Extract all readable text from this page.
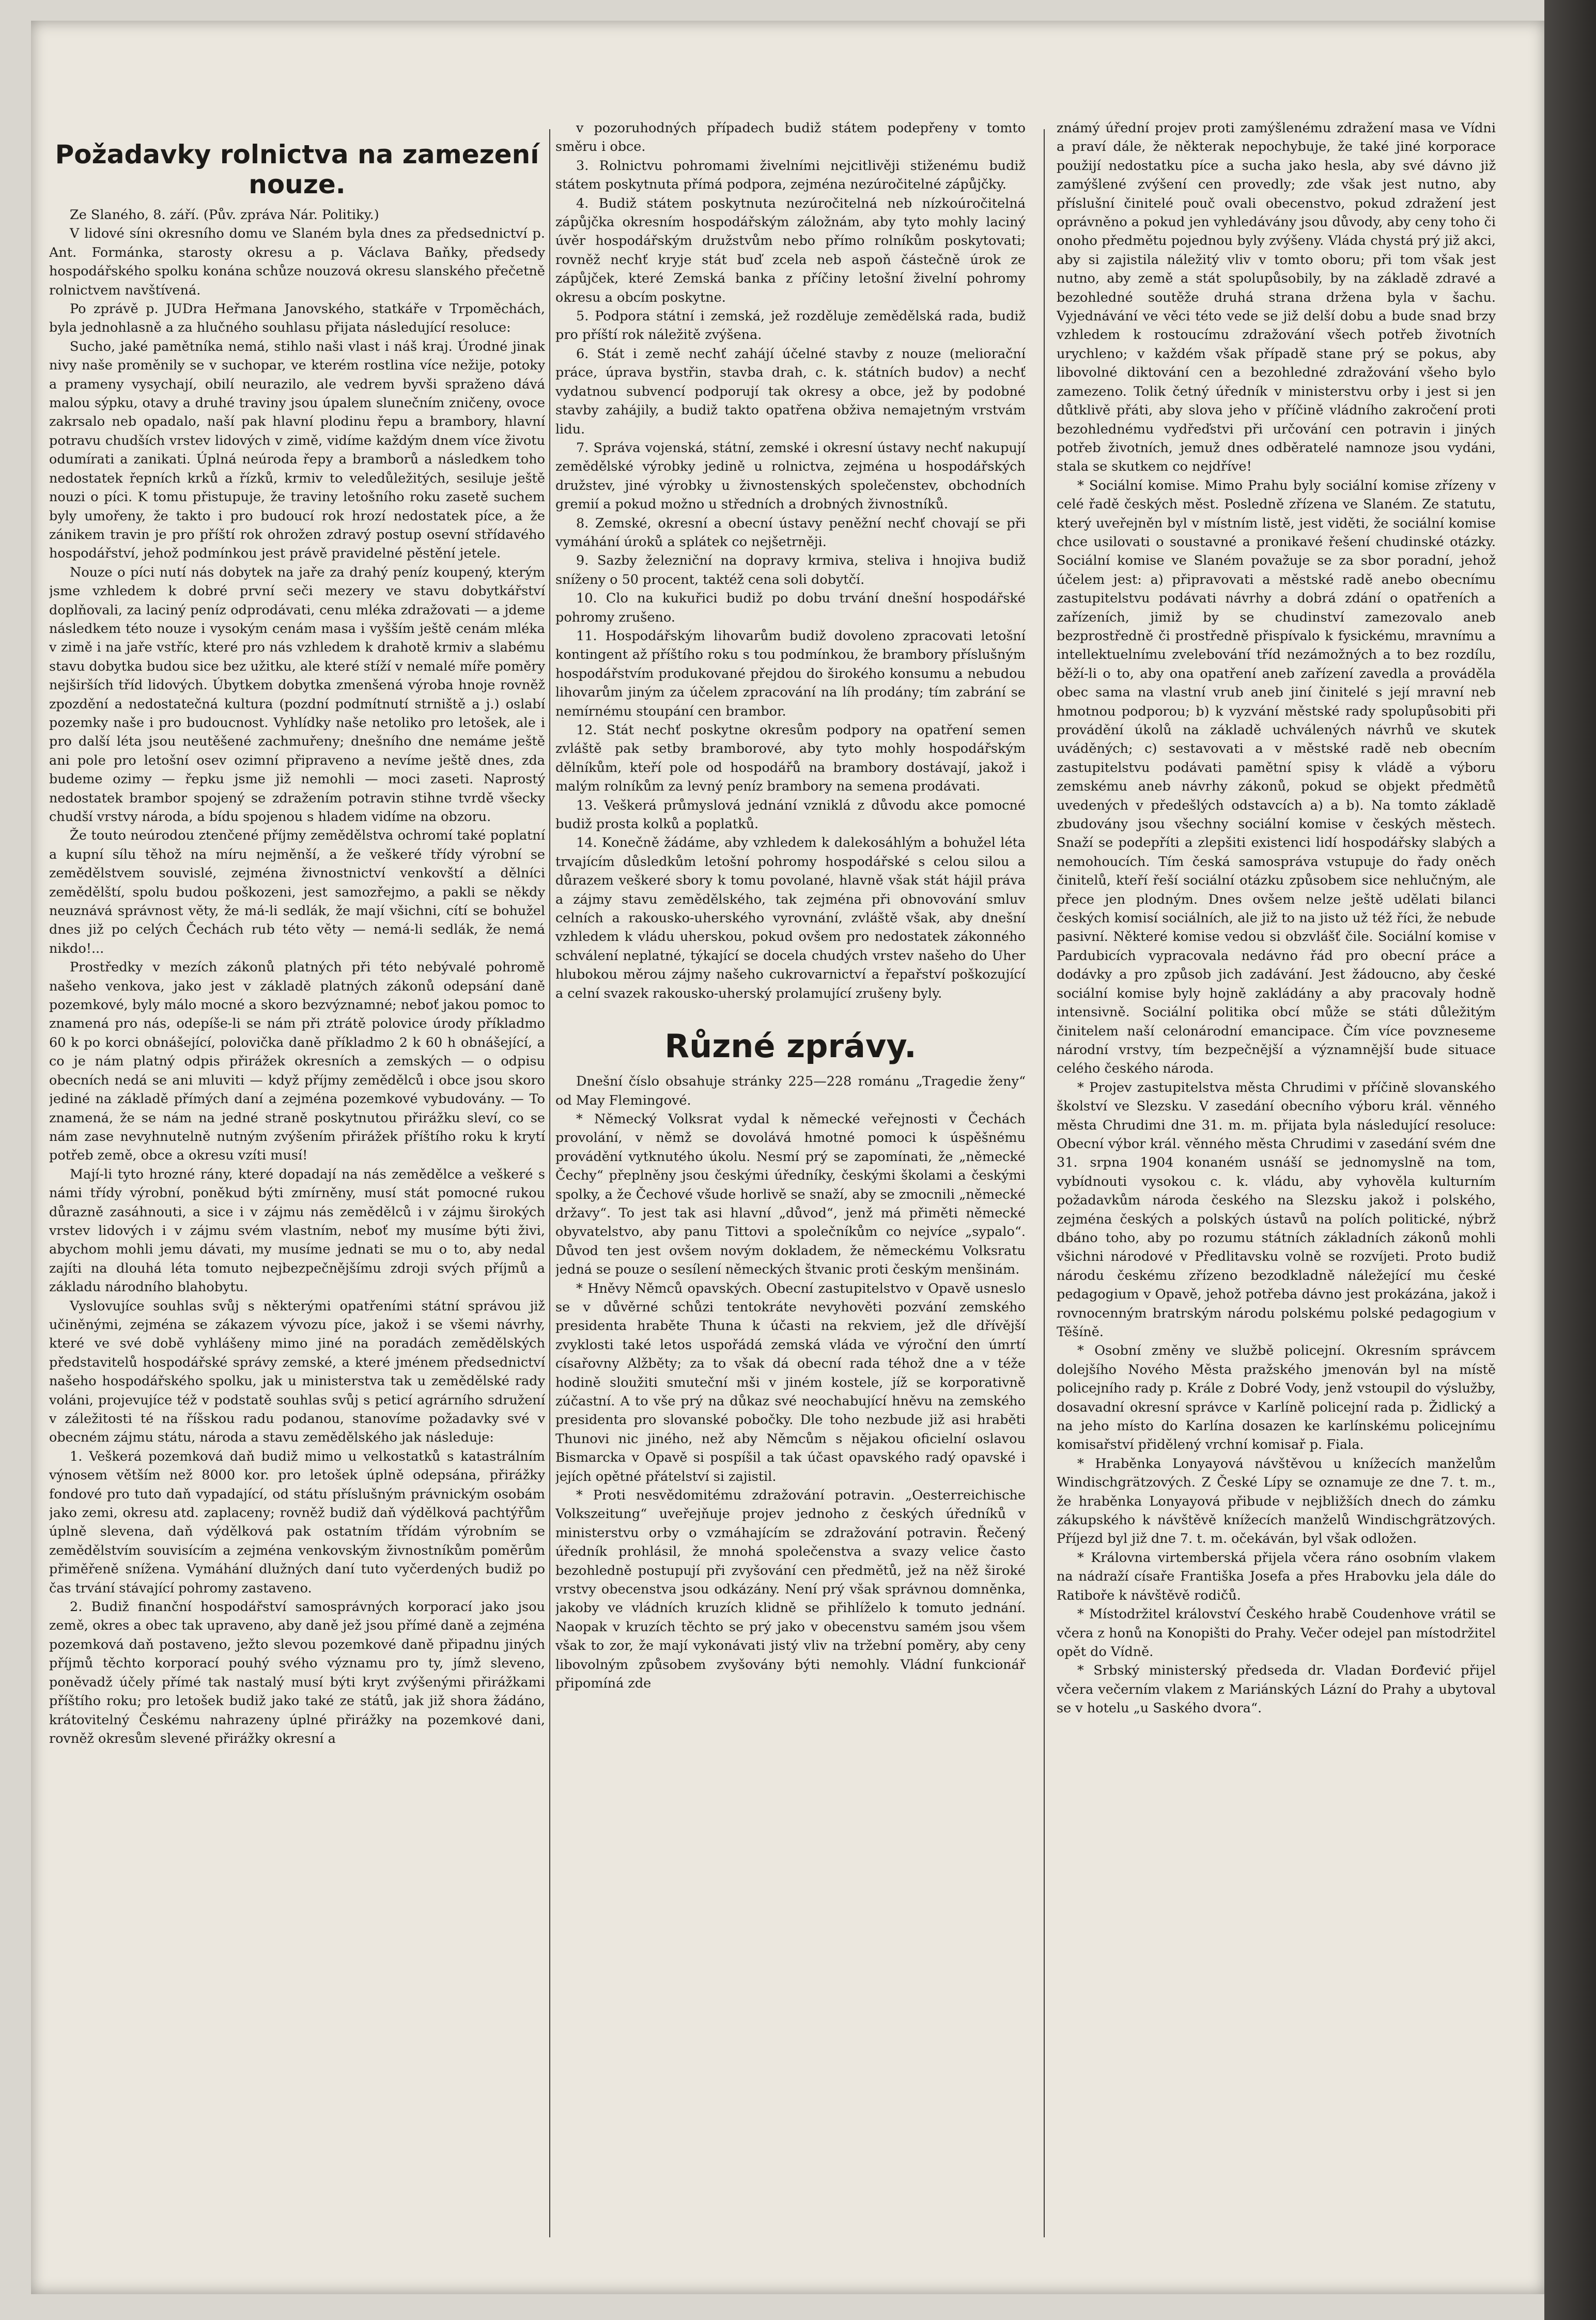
Požadavky rolnictva na zamezení nouze.

Ze Slaného, 8. září. (Pův. zpráva Nár. Politiky.)

V lidové síni okresního domu ve Slaném byla dnes za předsednictví p. Ant. Formánka, starosty okresu a p. Václava Baňky, předsedy hospodářského spolku konána schůze nouzová okresu slanského přečetně rolnictvem navštívená.

Po zprávě p. JUDra Heřmana Janovského, statkáře v Trpoměchách, byla jednohlasně a za hlučného souhlasu přijata následující resoluce:

Sucho, jaké pamětníka nemá, stihlo naši vlast i náš kraj. Úrodné jinak nivy naše proměnily se v suchopar, ve kterém rostlina více nežije, potoky a prameny vysychají, obilí neurazilo, ale vedrem byvši spraženo dává malou sýpku, otavy a druhé traviny jsou úpalem slunečním zničeny, ovoce zakrsalo neb opadalo, naší pak hlavní plodinu řepu a brambory, hlavní potravu chudších vrstev lidových v zimě, vidíme každým dnem více životu odumírati a zanikati. Úplná neúroda řepy a bramborů a následkem toho nedostatek řepních krků a řízků, krmiv to veledůležitých, sesiluje ještě nouzi o píci. K tomu přistupuje, že traviny letošního roku zasetě suchem byly umořeny, že takto i pro budoucí rok hrozí nedostatek píce, a že zánikem travin je pro příští rok ohrožen zdravý postup osevní střídavého hospodářství, jehož podmínkou jest právě pravidelné pěstění jetele.

Nouze o píci nutí nás dobytek na jaře za drahý peníz koupený, kterým jsme vzhledem k dobré první seči mezery ve stavu dobytkářství doplňovali, za laciný peníz odprodávati, cenu mléka zdražovati — a jdeme následkem této nouze i vysokým cenám masa i vyšším ještě cenám mléka v zimě i na jaře vstříc, které pro nás vzhledem k drahotě krmiv a slabému stavu dobytka budou sice bez užitku, ale které stíží v nemalé míře poměry nejširších tříd lidových. Úbytkem dobytka zmenšená výroba hnoje rovněž zpozdění a nedostatečná kultura (pozdní podmítnutí strniště a j.) oslabí pozemky naše i pro budoucnost. Vyhlídky naše netoliko pro letošek, ale i pro další léta jsou neutěšené zachmuřeny; dnešního dne nemáme ještě ani pole pro letošní osev ozimní připraveno a nevíme ještě dnes, zda budeme ozimy — řepku jsme již nemohli — moci zaseti. Naprostý nedostatek brambor spojený se zdražením potravin stihne tvrdě všecky chudší vrstvy národa, a bídu spojenou s hladem vidíme na obzoru.

Že touto neúrodou ztenčené příjmy zemědělstva ochromí také poplatní a kupní sílu těhož na míru nejměnší, a že veškeré třídy výrobní se zemědělstvem souvislé, zejména živnostnictví venkovští a dělníci zemědělští, spolu budou poškozeni, jest samozřejmo, a pakli se někdy neuznává správnost věty, že má-li sedlák, že mají všichni, cítí se bohužel dnes již po celých Čechách rub této věty — nemá-li sedlák, že nemá nikdo!...

Prostředky v mezích zákonů platných při této nebývalé pohromě našeho venkova, jako jest v základě platných zákonů odepsání daně pozemkové, byly málo mocné a skoro bezvýznamné; neboť jakou pomoc to znamená pro nás, odepíše-li se nám při ztrátě polovice úrody příkladmo 60 k po korci obnášející, polovička daně příkladmo 2 k 60 h obnášející, a co je nám platný odpis přirážek okresních a zemských — o odpisu obecních nedá se ani mluviti — když příjmy zemědělců i obce jsou skoro jediné na základě přímých daní a zejména pozemkové vybudovány. — To znamená, že se nám na jedné straně poskytnutou přirážku sleví, co se nám zase nevyhnutelně nutným zvýšením přirážek příštího roku k krytí potřeb země, obce a okresu vzíti musí!

Mají-li tyto hrozné rány, které dopadají na nás zemědělce a veškeré s námi třídy výrobní, poněkud býti zmírněny, musí stát pomocné rukou důrazně zasáhnouti, a sice i v zájmu nás zemědělců i v zájmu širokých vrstev lidových i v zájmu svém vlastním, neboť my musíme býti živi, abychom mohli jemu dávati, my musíme jednati se mu o to, aby nedal zajíti na dlouhá léta tomuto nejbezpečnějšímu zdroji svých příjmů a základu národního blahobytu.

Vyslovujíce souhlas svůj s některými opatřeními státní správou již učiněnými, zejména se zákazem vývozu píce, jakož i se všemi návrhy, které ve své době vyhlášeny mimo jiné na poradách zemědělských představitelů hospodářské správy zemské, a které jménem předsednictví našeho hospodářského spolku, jak u ministerstva tak u zemědělské rady voláni, projevujíce též v podstatě souhlas svůj s peticí agrárního sdružení v záležitosti té na říšskou radu podanou, stanovíme požadavky své v obecném zájmu státu, národa a stavu zemědělského jak následuje:

1. Veškerá pozemková daň budiž mimo u velkostatků s katastrálním výnosem větším než 8000 kor. pro letošek úplně odepsána, přirážky fondové pro tuto daň vypadající, od státu příslušným právnickým osobám jako zemi, okresu atd. zaplaceny; rovněž budiž daň výdělková pachtýřům úplně slevena, daň výdělková pak ostatním třídám výrobním se zemědělstvím souvisícím a zejména venkovským živnostníkům poměrům přiměřeně snížena. Vymáhání dlužných daní tuto vyčerdených budiž po čas trvání stávající pohromy zastaveno.

2. Budiž finanční hospodářství samosprávných korporací jako jsou země, okres a obec tak upraveno, aby daně jež jsou přímé daně a zejména pozemková daň postaveno, ježto slevou pozemkové daně připadnu jiných příjmů těchto korporací pouhý svého významu pro ty, jímž sleveno, poněvadž účely přímé tak nastalý musí býti kryt zvýšenými přirážkami příštího roku; pro letošek budiž jako také ze států, jak již shora žádáno, krátovitelný Českému nahrazeny úplné přirážky na pozemkové dani, rovněž okresům slevené přirážky okresní a

v pozoruhodných případech budiž státem podepřeny v tomto směru i obce.

3. Rolnictvu pohromami živelními nejcitlivěji stiženému budiž státem poskytnuta přímá podpora, zejména nezúročitelné zápůjčky.

4. Budiž státem poskytnuta nezúročitelná neb nízkoúročitelná zápůjčka okresním hospodářským záložnám, aby tyto mohly laciný úvěr hospodářským družstvům nebo přímo rolníkům poskytovati; rovněž nechť kryje stát buď zcela neb aspoň částečně úrok ze zápůjček, které Zemská banka z příčiny letošní živelní pohromy okresu a obcím poskytne.

5. Podpora státní i zemská, jež rozděluje zemědělská rada, budiž pro příští rok náležitě zvýšena.

6. Stát i země nechť zahájí účelné stavby z nouze (meliorační práce, úprava bystřin, stavba drah, c. k. státních budov) a nechť vydatnou subvencí podporují tak okresy a obce, jež by podobné stavby zahájily, a budiž takto opatřena obživa nemajetným vrstvám lidu.

7. Správa vojenská, státní, zemské i okresní ústavy nechť nakupují zemědělské výrobky jedině u rolnictva, zejména u hospodářských družstev, jiné výrobky u živnostenských společenstev, obchodních gremií a pokud možno u středních a drobných živnostníků.

8. Zemské, okresní a obecní ústavy peněžní nechť chovají se při vymáhání úroků a splátek co nejšetrněji.

9. Sazby železniční na dopravy krmiva, steliva i hnojiva budiž sníženy o 50 procent, taktéž cena soli dobytčí.

10. Clo na kukuřici budiž po dobu trvání dnešní hospodářské pohromy zrušeno.

11. Hospodářským lihovarům budiž dovoleno zpracovati letošní kontingent až příštího roku s tou podmínkou, že brambory příslušným hospodářstvím produkované přejdou do širokého konsumu a nebudou lihovarům jiným za účelem zpracování na líh prodány; tím zabrání se nemírnému stoupání cen brambor.

12. Stát nechť poskytne okresům podpory na opatření semen zvláště pak setby bramborové, aby tyto mohly hospodářským dělníkům, kteří pole od hospodářů na brambory dostávají, jakož i malým rolníkům za levný peníz brambory na semena prodávati.

13. Veškerá průmyslová jednání vzniklá z důvodu akce pomocné budiž prosta kolků a poplatků.

14. Konečně žádáme, aby vzhledem k dalekosáhlým a bohužel léta trvajícím důsledkům letošní pohromy hospodářské s celou silou a důrazem veškeré sbory k tomu povolané, hlavně však stát hájil práva a zájmy stavu zemědělského, tak zejména při obnovování smluv celních a rakousko-uherského vyrovnání, zvláště však, aby dnešní vzhledem k vládu uherskou, pokud ovšem pro nedostatek zákonného schválení neplatné, týkající se docela chudých vrstev našeho do Uher hlubokou měrou zájmy našeho cukrovarnictví a řepařství poškozující a celní svazek rakousko-uherský prolamující zrušeny byly.

Různé zprávy.

Dnešní číslo obsahuje stránky 225—228 románu „Tragedie ženy“ od May Flemingové.

* Německý Volksrat vydal k německé veřejnosti v Čechách provolání, v němž se dovolává hmotné pomoci k úspěšnému provádění vytknutého úkolu. Nesmí prý se zapomínati, že „německé Čechy“ přeplněny jsou českými úředníky, českými školami a českými spolky, a že Čechové všude horlivě se snaží, aby se zmocnili „německé državy“. To jest tak asi hlavní „důvod“, jenž má přiměti německé obyvatelstvo, aby panu Tittovi a společníkům co nejvíce „sypalo“. Důvod ten jest ovšem novým dokladem, že německému Volksratu jedná se pouze o sesílení německých štvanic proti českým menšinám.

* Hněvy Němců opavských. Obecní zastupitelstvo v Opavě usneslo se v důvěrné schůzi tentokráte nevyhověti pozvání zemského presidenta hraběte Thuna k účasti na rekviem, jež dle dřívější zvyklosti také letos uspořádá zemská vláda ve výroční den úmrtí císařovny Alžběty; za to však dá obecní rada téhož dne a v téže hodině sloužiti smuteční mši v jiném kostele, jíž se korporativně zúčastní. A to vše prý na důkaz své neochabující hněvu na zemského presidenta pro slovanské pobočky. Dle toho nezbude již asi hraběti Thunovi nic jiného, než aby Němcům s nějakou oficielní oslavou Bismarcka v Opavě si pospíšil a tak účast opavského radý opavské i jejích opětné přátelství si zajistil.

* Proti nesvědomitému zdražování potravin. „Oesterreichische Volkszeitung“ uveřejňuje projev jednoho z českých úředníků v ministerstvu orby o vzmáhajícím se zdražování potravin. Řečený úředník prohlásil, že mnohá společenstva a svazy velice často bezohledně postupují při zvyšování cen předmětů, jež na něž široké vrstvy obecenstva jsou odkázány. Není prý však správnou domněnka, jakoby ve vládních kruzích klidně se přihlíželo k tomuto jednání. Naopak v kruzích těchto se prý jako v obecenstvu samém jsou všem však to zor, že mají vykonávati jistý vliv na tržební poměry, aby ceny libovolným způsobem zvyšovány býti nemohly. Vládní funkcionář připomíná zde

známý úřední projev proti zamýšlenému zdražení masa ve Vídni a praví dále, že některak nepochybuje, že také jiné korporace použijí nedostatku píce a sucha jako hesla, aby své dávno již zamýšlené zvýšení cen provedly; zde však jest nutno, aby příslušní činitelé pouč ovali obecenstvo, pokud zdražení jest oprávněno a pokud jen vyhledávány jsou důvody, aby ceny toho či onoho předmětu pojednou byly zvýšeny. Vláda chystá prý již akci, aby si zajistila náležitý vliv v tomto oboru; při tom však jest nutno, aby země a stát spolupůsobily, by na základě zdravé a bezohledné soutěže druhá strana držena byla v šachu. Vyjednávání ve věci této vede se již delší dobu a bude snad brzy vzhledem k rostoucímu zdražování všech potřeb životních urychleno; v každém však případě stane prý se pokus, aby libovolné diktování cen a bezohledné zdražování všeho bylo zamezeno. Tolik četný úředník v ministerstvu orby i jest si jen důtklivě přáti, aby slova jeho v příčině vládního zakročení proti bezohlednému vydřeďstvi při určování cen potravin i jiných potřeb životních, jemuž dnes odběratelé namnoze jsou vydáni, stala se skutkem co nejdříve!

* Sociální komise. Mimo Prahu byly sociální komise zřízeny v celé řadě českých měst. Posledně zřízena ve Slaném. Ze statutu, který uveřejněn byl v místním listě, jest viděti, že sociální komise chce usilovati o soustavné a pronikavé řešení chudinské otázky. Sociální komise ve Slaném považuje se za sbor poradní, jehož účelem jest: a) připravovati a městské radě anebo obecnímu zastupitelstvu podávati návrhy a dobrá zdání o opatřeních a zařízeních, jimiž by se chudinství zamezovalo aneb bezprostředně či prostředně přispívalo k fysickému, mravnímu a intellektuelnímu zvelebování tříd nezámožných a to bez rozdílu, běží-li o to, aby ona opatření aneb zařízení zavedla a prováděla obec sama na vlastní vrub aneb jiní činitelé s její mravní neb hmotnou podporou; b) k vyzvání městské rady spolupůsobiti při provádění úkolů na základě uchválených návrhů ve skutek uváděných; c) sestavovati a v městské radě neb obecním zastupitelstvu podávati pamětní spisy k vládě a výboru zemskému aneb návrhy zákonů, pokud se objekt předmětů uvedených v předešlých odstavcích a) a b). Na tomto základě zbudovány jsou všechny sociální komise v českých městech. Snaží se podepříti a zlepšiti existenci lidí hospodářsky slabých a nemohoucích. Tím česká samospráva vstupuje do řady oněch činitelů, kteří řeší sociální otázku způsobem sice nehlučným, ale přece jen plodným. Dnes ovšem nelze ještě udělati bilanci českých komisí sociálních, ale již to na jisto už též říci, že nebude pasivní. Některé komise vedou si obzvlášť čile. Sociální komise v Pardubicích vypracovala nedávno řád pro obecní práce a dodávky a pro způsob jich zadávání. Jest žádoucno, aby české sociální komise byly hojně zakládány a aby pracovaly hodně intensivně. Sociální politika obcí může se státi důležitým činitelem naší celonárodní emancipace. Čím více povzneseme národní vrstvy, tím bezpečnější a významnější bude situace celého českého národa.

* Projev zastupitelstva města Chrudimi v příčině slovanského školství ve Slezsku. V zasedání obecního výboru král. věnného města Chrudimi dne 31. m. m. přijata byla následující resoluce: Obecní výbor král. věnného města Chrudimi v zasedání svém dne 31. srpna 1904 konaném usnáší se jednomyslně na tom, vybídnouti vysokou c. k. vládu, aby vyhověla kulturním požadavkům národa českého na Slezsku jakož i polského, zejména českých a polských ústavů na polích politické, nýbrž dbáno toho, aby po rozumu státních základních zákonů mohli všichni národové v Předlitavsku volně se rozvíjeti. Proto budiž národu českému zřízeno bezodkladně náležející mu české pedagogium v Opavě, jehož potřeba dávno jest prokázána, jakož i rovnocenným bratrským národu polskému polské pedagogium v Těšíně.

* Osobní změny ve službě policejní. Okresním správcem dolejšího Nového Města pražského jmenován byl na místě policejního rady p. Krále z Dobré Vody, jenž vstoupil do výslužby, dosavadní okresní správce v Karlíně policejní rada p. Židlický a na jeho místo do Karlína dosazen ke karlínskému policejnímu komisařství přidělený vrchní komisař p. Fiala.

* Hraběnka Lonyayová návštěvou u knížecích manželům Windischgrätzových. Z České Lípy se oznamuje ze dne 7. t. m., že hraběnka Lonyayová přibude v nejbližších dnech do zámku zákupského k návštěvě knížecích manželů Windischgrätzových. Příjezd byl již dne 7. t. m. očekáván, byl však odložen.

* Královna virtemberská přijela včera ráno osobním vlakem na nádraží císaře Františka Josefa a přes Hrabovku jela dále do Ratiboře k návštěvě rodičů.

* Místodržitel království Českého hrabě Coudenhove vrátil se včera z honů na Konopišti do Prahy. Večer odejel pan místodržitel opět do Vídně.

* Srbský ministerský předseda dr. Vladan Đorđević přijel včera večerním vlakem z Mariánských Lázní do Prahy a ubytoval se v hotelu „u Saského dvora“.
